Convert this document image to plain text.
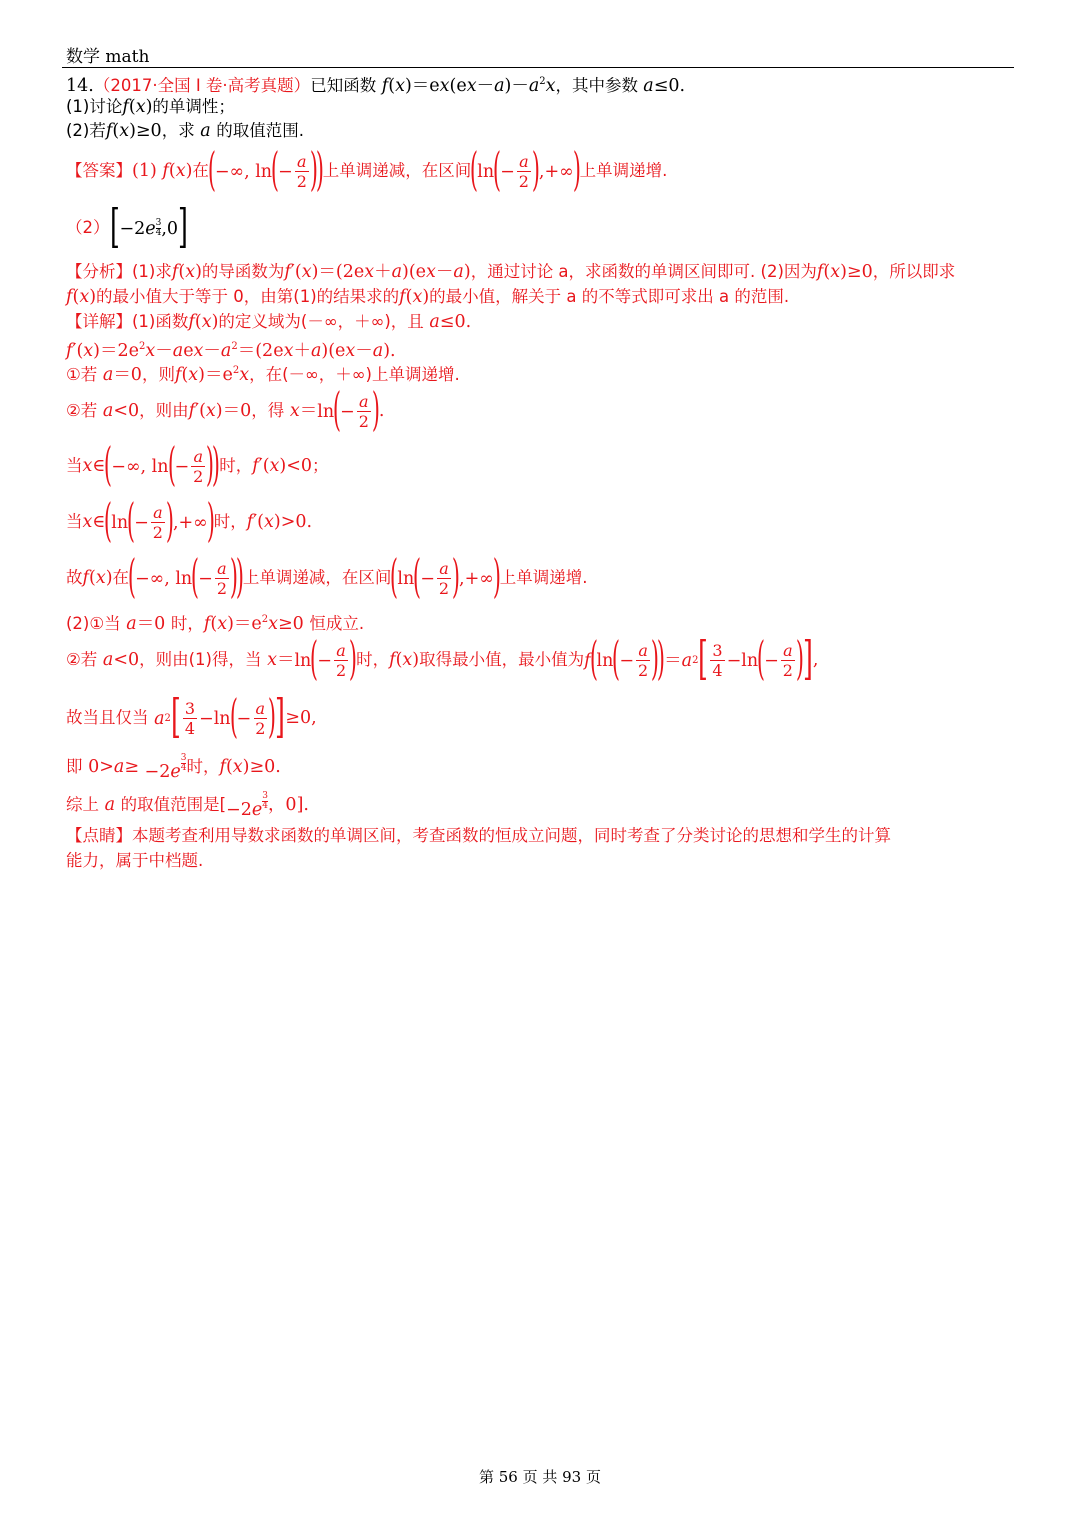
数学 math
14.（2017·全国 I 卷·高考真题）已知函数 $f(x)=ex(ex-a)-a^2x$，其中参数 a≤0.
(1)讨论f(x)的单调性；
(2)若f(x)≥0，求 a 的取值范围.
【答案】(1) f(x)在
(
−∞, ln
(
− $\frac{a}{2}$ )
)
上单调递减，在区间
(
ln
(
− $\frac{a}{2}$ )
,+∞
)
上单调递增.
（2） [ −2 e 3
4 ,0 ]
【分析】(1)求f(x)的导函数为f′(x)＝(2ex＋a)(ex－a)，通过讨论 a，求函数的单调区间即可. (2)因为f(x)≥0，所以即求
f(x)的最小值大于等于 0，由第(1)的结果求的f(x)的最小值，解关于 a 的不等式即可求出 a 的范围.
【详解】(1)函数f(x)的定义域为(－∞，＋∞)，且 a≤0.
$f'(x)=2e^2x-aex-a^2=(2ex+a)(ex-a)$.
①若 a＝0，则$f(x)=e^2x$，在(－∞，＋∞)上单调递增.
②若 a<0，则由f′(x)＝0，得 x＝ln
(
− $\frac{a}{2}$ )
.
当x∈
(
−∞, ln
(
− $\frac{a}{2}$ )
)
时，f′(x)<0；
当x∈
(
ln
(
− $\frac{a}{2}$ )
,+∞
)
时，f′(x)>0.
故f(x)在
(
−∞, ln
(
− $\frac{a}{2}$ )
)
上单调递减，在区间
(
ln
(
− $\frac{a}{2}$ )
,+∞
)
上单调递增.
(2)①当 a＝0 时，$f(x)=e^2x\ge 0$ 恒成立.
②若 a<0，则由(1)得，当 x＝ln
(
− $\frac{a}{2}$ )
时，f(x)取得最小值，最小值为 f
(
ln
(
− $\frac{a}{2}$ )
)
＝ a 2 [ $\frac{3}{4} -\ln$
(
− $\frac{a}{2}$ )
] ,
故当且仅当 a 2 [ $\frac{3}{4} -\ln$
(
− $\frac{a}{2}$ )
] ≥0,
即 $0>a\ge -2e \frac{3}{4}$ 时，f(x)≥0.
综上 a 的取值范围是[$-2e \frac{3}{4}$ ，0].
【点睛】本题考查利用导数求函数的单调区间，考查函数的恒成立问题，同时考查了分类讨论的思想和学生的计算
能力，属于中档题.
第 56 页 共 93 页
